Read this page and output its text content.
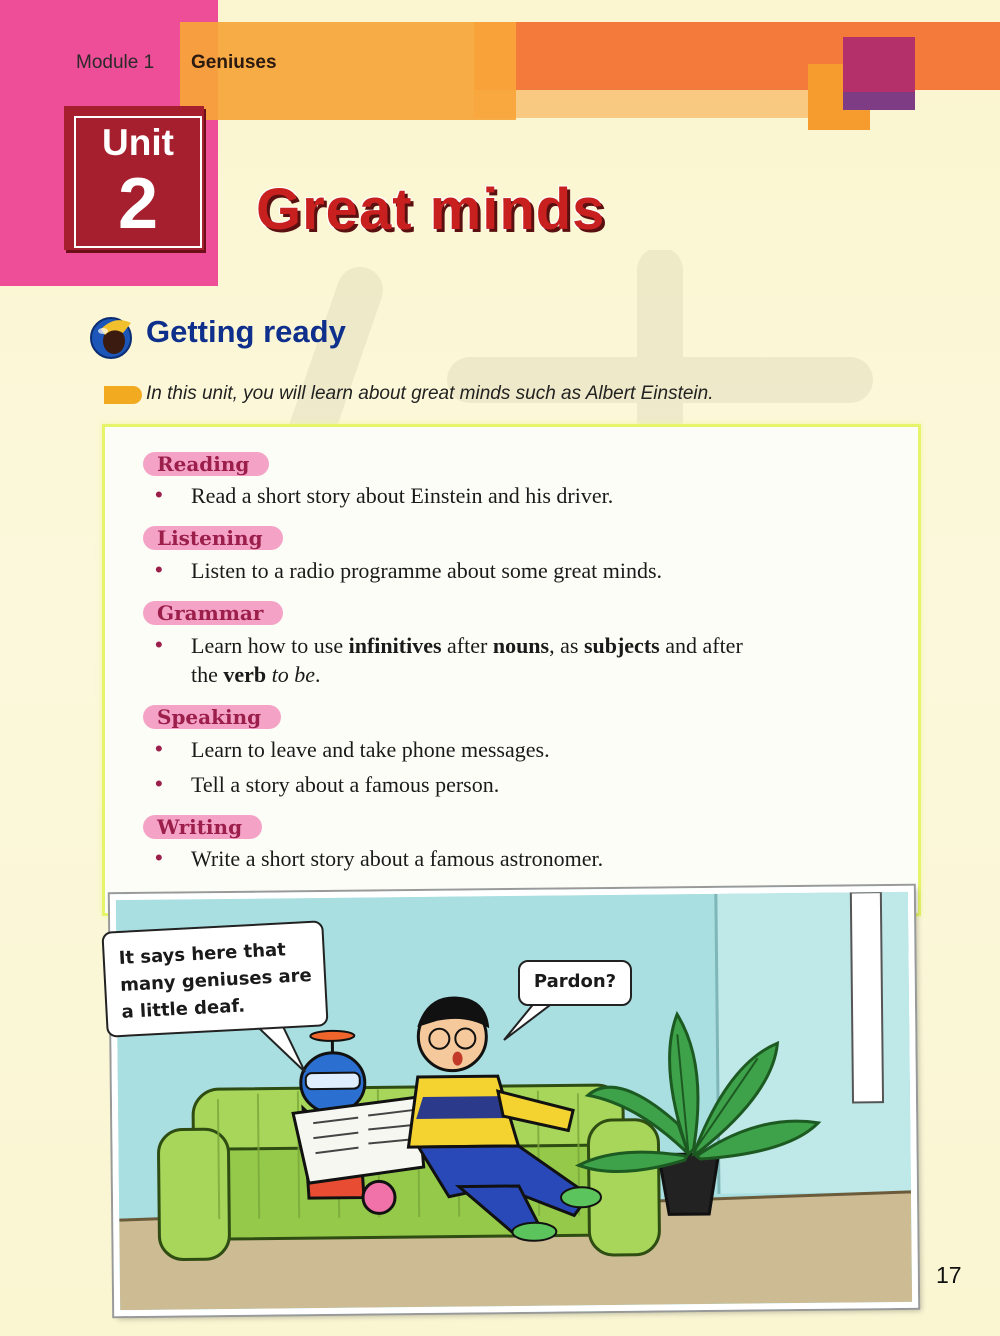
Module 1 Geniuses
Unit
2	Great minds
Getting ready
In this unit, you will learn about great minds such as Albert Einstein.
Reading
• Read a short story about Einstein and his driver.
Listening
• Listen to a radio programme about some great minds.
Grammar
• Learn how to use infinitives after nouns, as subjects and after
the verb to be.
Speaking
• Learn to leave and take phone messages.
• Tell a story about a famous person.
Writing
• Write a short story about a famous astronomer.
It says here that
many geniuses are
a little deaf.
Pardon?
17
